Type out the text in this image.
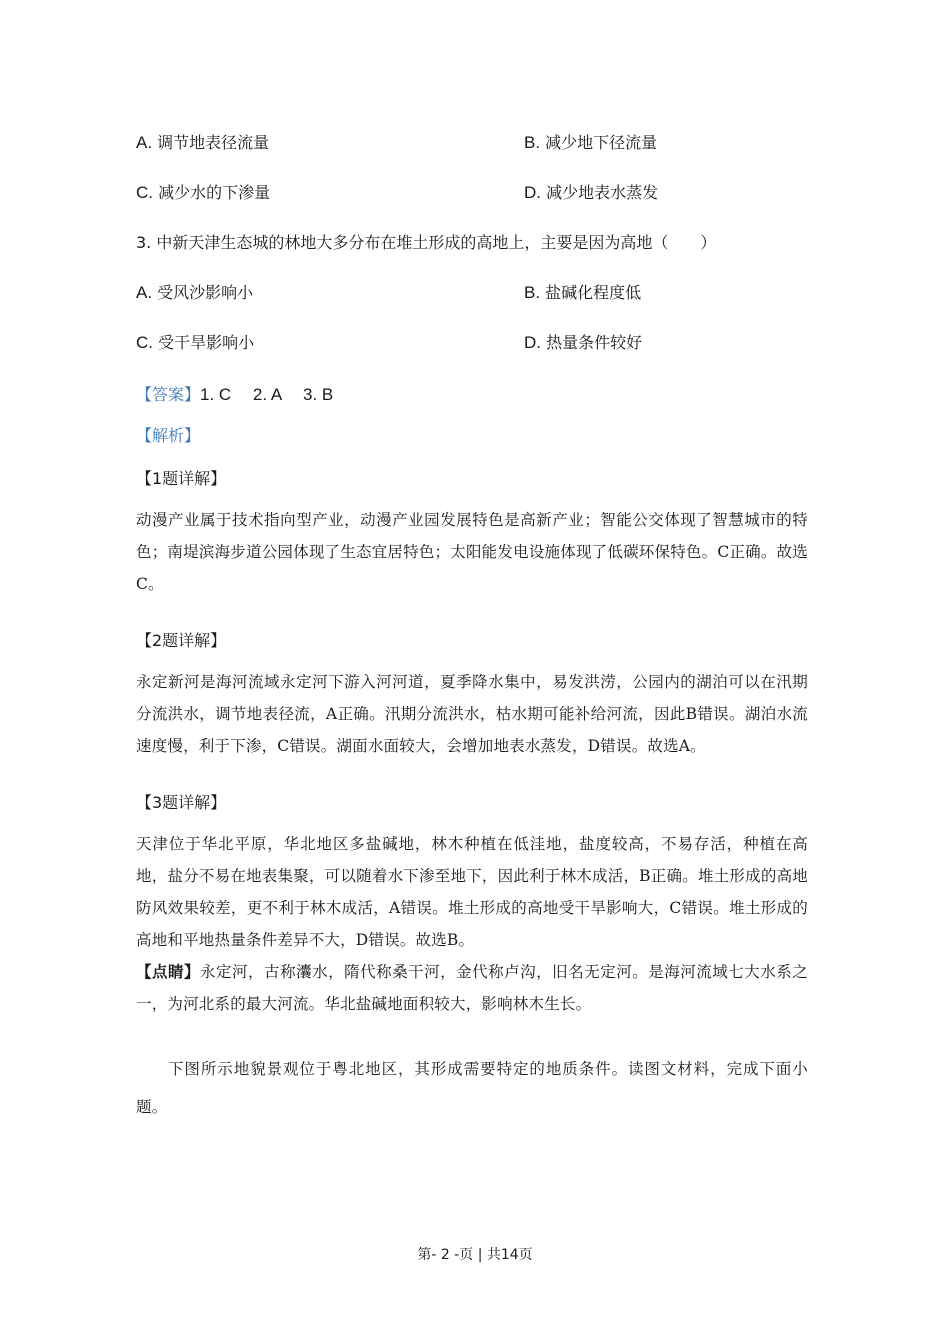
A. 调节地表径流量	B. 减少地下径流量
C. 减少水的下渗量	D. 减少地表水蒸发
3. 中新天津生态城的林地大多分布在堆土形成的高地上，主要是因为高地（　　）
A. 受风沙影响小	B. 盐碱化程度低
C. 受干旱影响小	D. 热量条件较好
【答案】1. C　 2. A　 3. B
【解析】
【1题详解】
动漫产业属于技术指向型产业，动漫产业园发展特色是高新产业；智能公交体现了智慧城市的特色；南堤滨海步道公园体现了生态宜居特色；太阳能发电设施体现了低碳环保特色。C正确。故选C。
【2题详解】
永定新河是海河流域永定河下游入河河道，夏季降水集中，易发洪涝，公园内的湖泊可以在汛期分流洪水，调节地表径流，A正确。汛期分流洪水，枯水期可能补给河流，因此B错误。湖泊水流速度慢，利于下渗，C错误。湖面水面较大，会增加地表水蒸发，D错误。故选A。
【3题详解】
天津位于华北平原，华北地区多盐碱地，林木种植在低洼地，盐度较高，不易存活，种植在高地，盐分不易在地表集聚，可以随着水下渗至地下，因此利于林木成活，B正确。堆土形成的高地防风效果较差，更不利于林木成活，A错误。堆土形成的高地受干旱影响大，C错误。堆土形成的高地和平地热量条件差异不大，D错误。故选B。
【点睛】永定河，古称灢水，隋代称桑干河，金代称卢沟，旧名无定河。是海河流域七大水系之一，为河北系的最大河流。华北盐碱地面积较大，影响林木生长。
下图所示地貌景观位于粤北地区，其形成需要特定的地质条件。读图文材料，完成下面小题。
第- 2 -页 | 共14页
